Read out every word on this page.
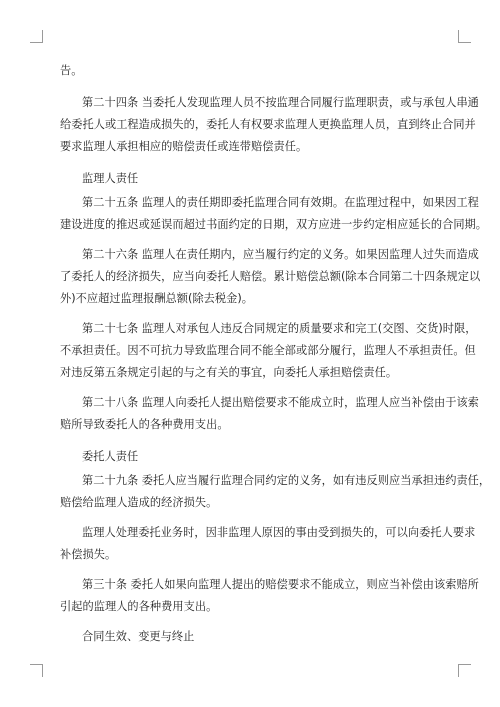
告。
第二十四条 当委托人发现监理人员不按监理合同履行监理职责，或与承包人串通
给委托人或工程造成损失的，委托人有权要求监理人更换监理人员，直到终止合同并
要求监理人承担相应的赔偿责任或连带赔偿责任。
监理人责任
第二十五条 监理人的责任期即委托监理合同有效期。在监理过程中，如果因工程
建设进度的推迟或延误而超过书面约定的日期，双方应进一步约定相应延长的合同期。
第二十六条 监理人在责任期内，应当履行约定的义务。如果因监理人过失而造成
了委托人的经济损失，应当向委托人赔偿。累计赔偿总额(除本合同第二十四条规定以
外)不应超过监理报酬总额(除去税金)。
第二十七条 监理人对承包人违反合同规定的质量要求和完工(交图、交货)时限，
不承担责任。因不可抗力导致监理合同不能全部或部分履行，监理人不承担责任。但
对违反第五条规定引起的与之有关的事宜，向委托人承担赔偿责任。
第二十八条 监理人向委托人提出赔偿要求不能成立时，监理人应当补偿由于该索
赔所导致委托人的各种费用支出。
委托人责任
第二十九条 委托人应当履行监理合同约定的义务，如有违反则应当承担违约责任，
赔偿给监理人造成的经济损失。
监理人处理委托业务时，因非监理人原因的事由受到损失的，可以向委托人要求
补偿损失。
第三十条 委托人如果向监理人提出的赔偿要求不能成立，则应当补偿由该索赔所
引起的监理人的各种费用支出。
合同生效、变更与终止
